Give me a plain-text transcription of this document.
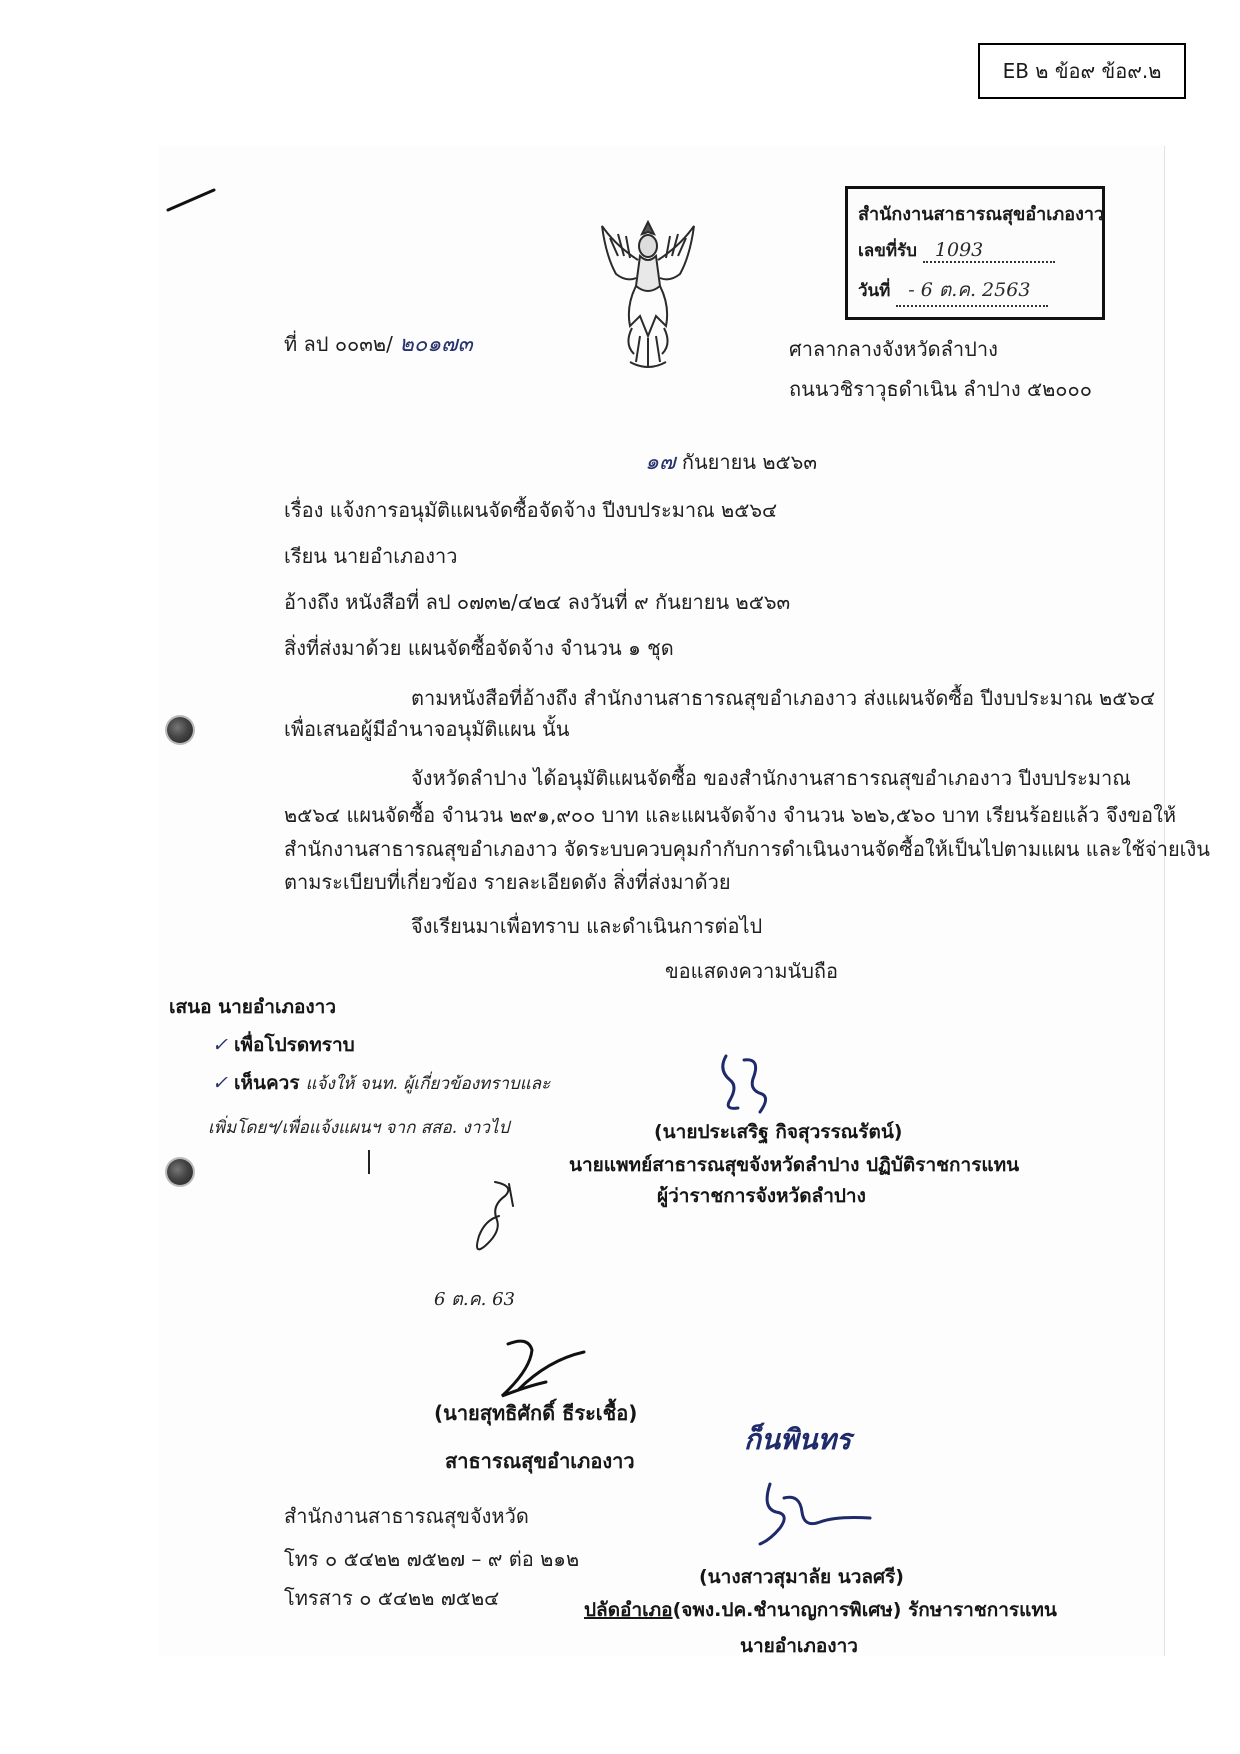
EB ๒ ข้อ๙ ข้อ๙.๒
สำนักงานสาธารณสุขอำเภองาว
เลขที่รับ 1093
วันที่ - 6 ต.ค. 2563
ที่ ลป ๐๐๓๒/ ๒๐๑๗๓	ศาลากลางจังหวัดลำปาง
ถนนวชิราวุธดำเนิน ลำปาง ๕๒๐๐๐
๑๗ กันยายน ๒๕๖๓
เรื่อง แจ้งการอนุมัติแผนจัดซื้อจัดจ้าง ปีงบประมาณ ๒๕๖๔
เรียน นายอำเภองาว
อ้างถึง หนังสือที่ ลป ๐๗๓๒/๔๒๔ ลงวันที่ ๙ กันยายน ๒๕๖๓
สิ่งที่ส่งมาด้วย แผนจัดซื้อจัดจ้าง จำนวน ๑ ชุด
ตามหนังสือที่อ้างถึง สำนักงานสาธารณสุขอำเภองาว ส่งแผนจัดซื้อ ปีงบประมาณ ๒๕๖๔
เพื่อเสนอผู้มีอำนาจอนุมัติแผน นั้น
จังหวัดลำปาง ได้อนุมัติแผนจัดซื้อ ของสำนักงานสาธารณสุขอำเภองาว ปีงบประมาณ
๒๕๖๔ แผนจัดซื้อ จำนวน ๒๙๑,๙๐๐ บาท และแผนจัดจ้าง จำนวน ๖๒๖,๕๖๐ บาท เรียนร้อยแล้ว จึงขอให้
สำนักงานสาธารณสุขอำเภองาว จัดระบบควบคุมกำกับการดำเนินงานจัดซื้อให้เป็นไปตามแผน และใช้จ่ายเงิน
ตามระเบียบที่เกี่ยวข้อง รายละเอียดดัง สิ่งที่ส่งมาด้วย
จึงเรียนมาเพื่อทราบ และดำเนินการต่อไป
ขอแสดงความนับถือ
เสนอ นายอำเภองาว
✓ เพื่อโปรดทราบ
✓ เห็นควร แจ้งให้ จนท. ผู้เกี่ยวข้องทราบและ
เพิ่มโดยฯ/เพื่อแจ้งแผนฯ จาก สสอ. งาวไป	(นายประเสริฐ กิจสุวรรณรัตน์)
นายแพทย์สาธารณสุขจังหวัดลำปาง ปฏิบัติราชการแทน
ผู้ว่าราชการจังหวัดลำปาง
6 ต.ค. 63
(นายสุทธิศักดิ์ ธีระเชื้อ)
สาธารณสุขอำเภองาว
สำนักงานสาธารณสุขจังหวัด
โทร ๐ ๕๔๒๒ ๗๕๒๗ – ๙ ต่อ ๒๑๒
โทรสาร ๐ ๕๔๒๒ ๗๕๒๔
ก็นพินทร
(นางสาวสุมาลัย นวลศรี)
ปลัดอำเภอ(จพง.ปค.ชำนาญการพิเศษ) รักษาราชการแทน
นายอำเภองาว
